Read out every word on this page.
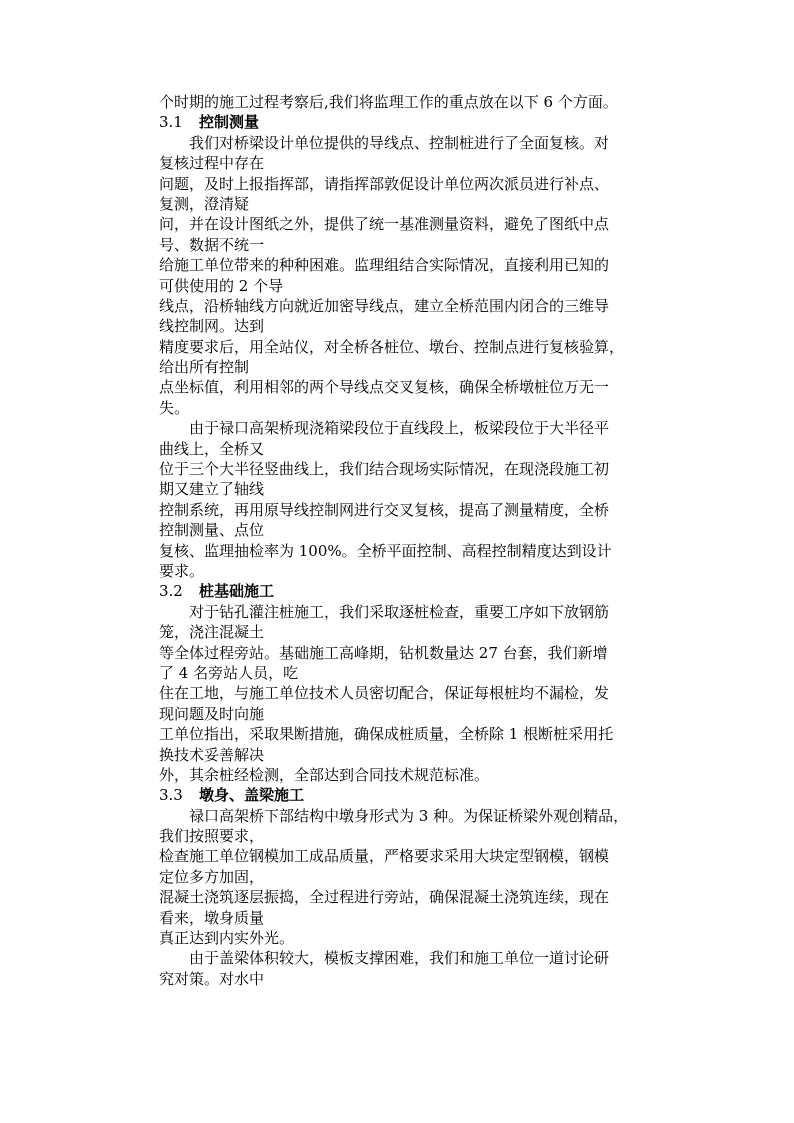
个时期的施工过程考察后,我们将监理工作的重点放在以下 6 个方面。
3.1 控制测量
我们对桥梁设计单位提供的导线点、控制桩进行了全面复核。对
复核过程中存在
问题，及时上报指挥部，请指挥部敦促设计单位两次派员进行补点、
复测，澄清疑
问，并在设计图纸之外，提供了统一基准测量资料，避免了图纸中点
号、数据不统一
给施工单位带来的种种困难。监理组结合实际情况，直接利用已知的
可供使用的 2 个导
线点，沿桥轴线方向就近加密导线点，建立全桥范围内闭合的三维导
线控制网。达到
精度要求后，用全站仪，对全桥各桩位、墩台、控制点进行复核验算，
给出所有控制
点坐标值，利用相邻的两个导线点交叉复核，确保全桥墩桩位万无一
失。
由于禄口高架桥现浇箱梁段位于直线段上，板梁段位于大半径平
曲线上，全桥又
位于三个大半径竖曲线上，我们结合现场实际情况，在现浇段施工初
期又建立了轴线
控制系统，再用原导线控制网进行交叉复核，提高了测量精度，全桥
控制测量、点位
复核、监理抽检率为 100%。全桥平面控制、高程控制精度达到设计
要求。
3.2 桩基础施工
对于钻孔灌注桩施工，我们采取逐桩检查，重要工序如下放钢筋
笼，浇注混凝土
等全体过程旁站。基础施工高峰期，钻机数量达 27 台套，我们新增
了 4 名旁站人员，吃
住在工地，与施工单位技术人员密切配合，保证每根桩均不漏检，发
现问题及时向施
工单位指出，采取果断措施，确保成桩质量，全桥除 1 根断桩采用托
换技术妥善解决
外，其余桩经检测，全部达到合同技术规范标准。
3.3 墩身、盖梁施工
禄口高架桥下部结构中墩身形式为 3 种。为保证桥梁外观创精品，
我们按照要求，
检查施工单位钢模加工成品质量，严格要求采用大块定型钢模，钢模
定位多方加固，
混凝土浇筑逐层振捣，全过程进行旁站，确保混凝土浇筑连续，现在
看来，墩身质量
真正达到内实外光。
由于盖梁体积较大，模板支撑困难，我们和施工单位一道讨论研
究对策。对水中
